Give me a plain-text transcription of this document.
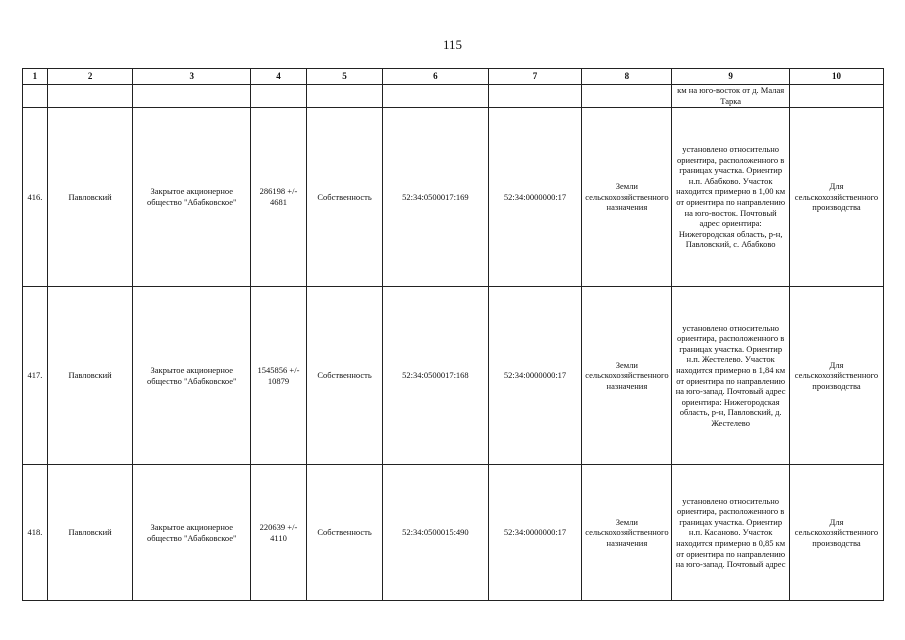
115
1	2	3	4	5	6	7	8	9	10
								км на юго-восток от д. Малая Тарка	
416.	Павловский	Закрытое акционерное общество "Абабковское"	286198 +/- 4681	Собственность	52:34:0500017:169	52:34:0000000:17	Земли сельскохозяйственного назначения	установлено относительно ориентира, расположенного в границах участка. Ориентир н.п. Абабково. Участок находится примерно в 1,00 км от ориентира по направлению на юго-восток. Почтовый адрес ориентира: Нижегородская область, р-н, Павловский, с. Абабково	Для сельскохозяйственного производства
417.	Павловский	Закрытое акционерное общество "Абабковское"	1545856 +/- 10879	Собственность	52:34:0500017:168	52:34:0000000:17	Земли сельскохозяйственного назначения	установлено относительно ориентира, расположенного в границах участка. Ориентир н.п. Жестелево. Участок находится примерно в 1,84 км от ориентира по направлению на юго-запад. Почтовый адрес ориентира: Нижегородская область, р-н, Павловский, д. Жестелево	Для сельскохозяйственного производства
418.	Павловский	Закрытое акционерное общество "Абабковское"	220639 +/- 4110	Собственность	52:34:0500015:490	52:34:0000000:17	Земли сельскохозяйственного назначения	установлено относительно ориентира, расположенного в границах участка. Ориентир н.п. Касаново. Участок находится примерно в 0,85 км от ориентира по направлению на юго-запад. Почтовый адрес	Для сельскохозяйственного производства
